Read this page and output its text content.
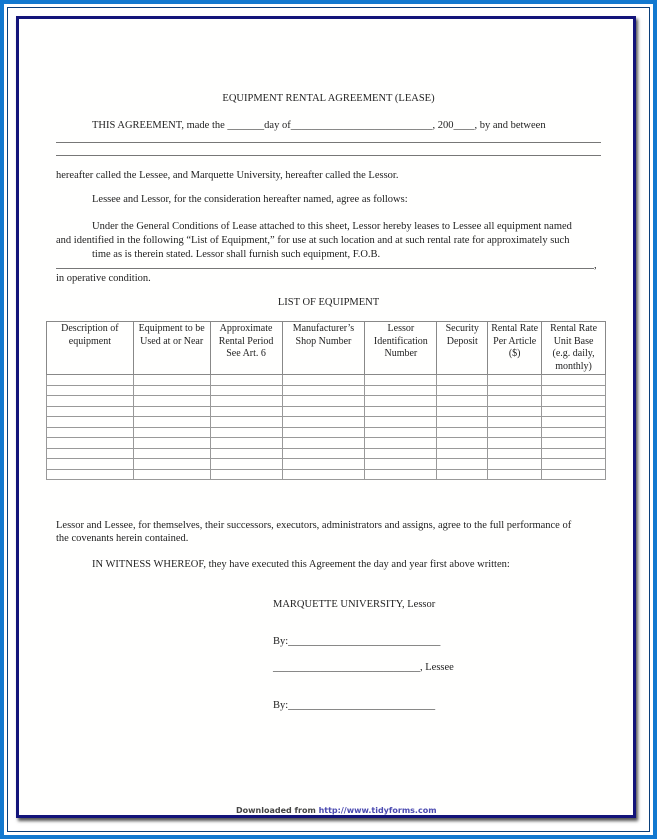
EQUIPMENT RENTAL AGREEMENT (LEASE)
THIS AGREEMENT, made the _______day of___________________________, 200____, by and between
hereafter called the Lessee, and Marquette University, hereafter called the Lessor.
Lessee and Lessor, for the consideration hereafter named, agree as follows:
Under the General Conditions of Lease attached to this sheet, Lessor hereby leases to Lessee all equipment named
and identified in the following “List of Equipment,” for use at such location and at such rental rate for approximately such
time as is therein stated. Lessor shall furnish such equipment, F.O.B.
,
in operative condition.
LIST OF EQUIPMENT
Description of equipment	Equipment to be Used at or Near	Approximate Rental Period See Art. 6	Manufacturer’s Shop Number	Lessor Identification Number	Security Deposit	Rental Rate Per Article ($)	Rental Rate Unit Base (e.g. daily, monthly)

Lessor and Lessee, for themselves, their successors, executors, administrators and assigns, agree to the full performance of
the covenants herein contained.
IN WITNESS WHEREOF, they have executed this Agreement the day and year first above written:
MARQUETTE UNIVERSITY, Lessor
By:_____________________________
____________________________, Lessee
By:____________________________
Downloaded from http://www.tidyforms.com
